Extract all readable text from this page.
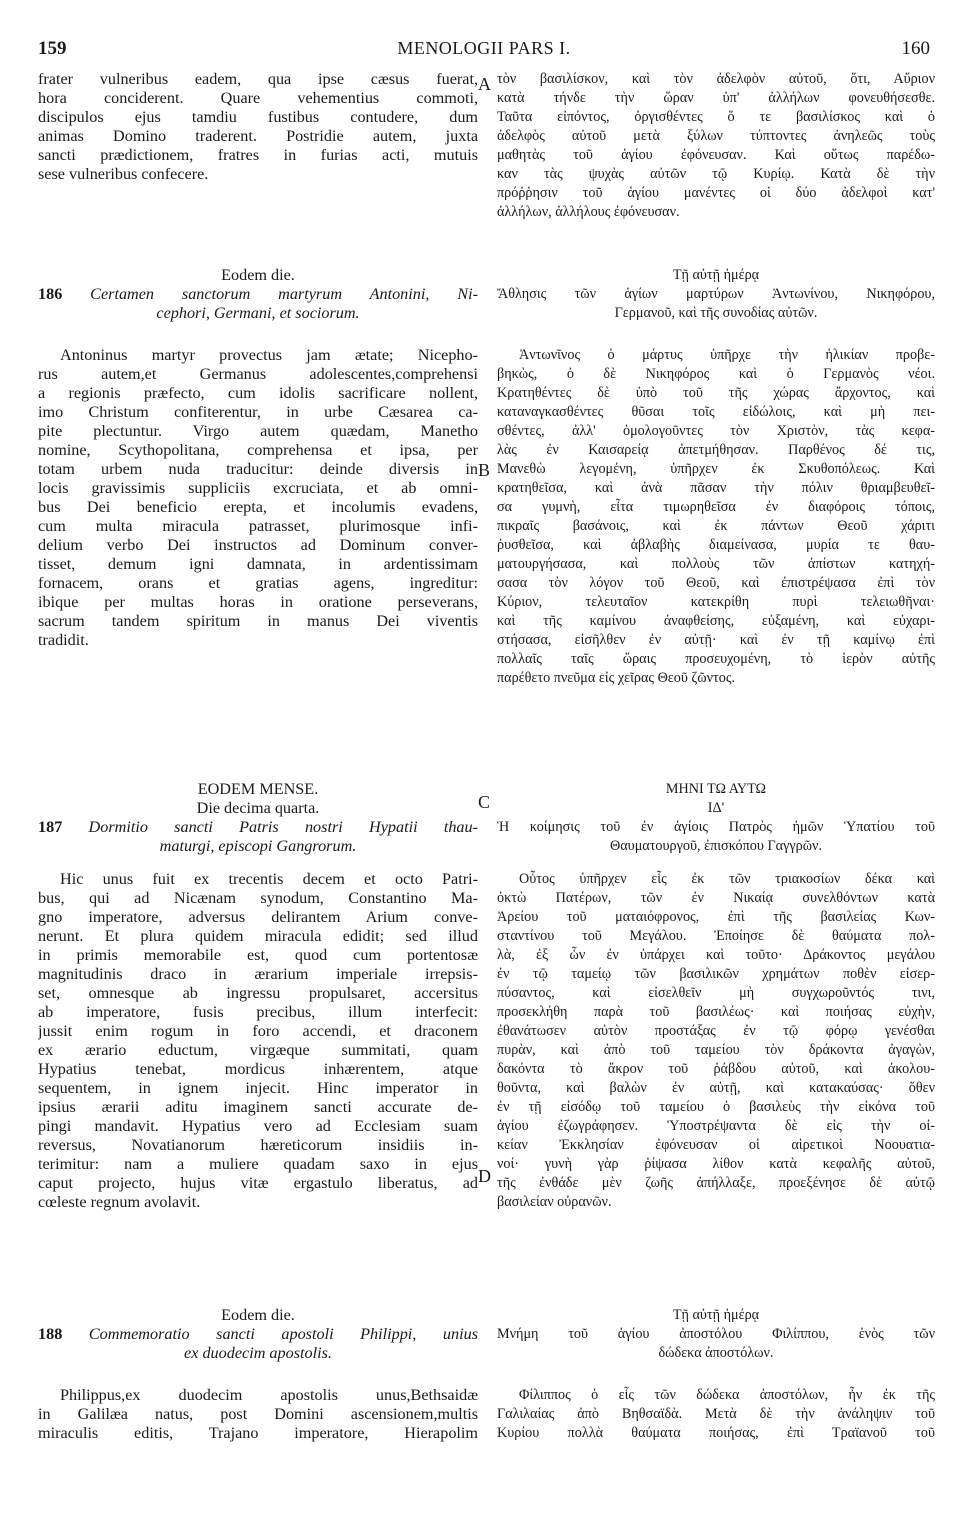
159	MENOLOGII PARS I.	160
A
B
C
D
frater vulneribus eadem, qua ipse cæsus fuerat,
hora conciderent. Quare vehementius commoti,
discipulos ejus tamdiu fustibus contudere, dum
animas Domino traderent. Postridie autem, juxta
sancti prædictionem, fratres in furias acti, mutuis
sese vulneribus confecere.
Eodem die.
186 Certamen sanctorum martyrum Antonini, Ni-
cephori, Germani, et sociorum.
Antoninus martyr provectus jam ætate; Nicepho-
rus autem,et Germanus adolescentes,comprehensi
a regionis præfecto, cum idolis sacrificare nollent,
imo Christum confiterentur, in urbe Cæsarea ca-
pite plectuntur. Virgo autem quædam, Manetho
nomine, Scythopolitana, comprehensa et ipsa, per
totam urbem nuda traducitur: deinde diversis in
locis gravissimis suppliciis excruciata, et ab omni-
bus Dei beneficio erepta, et incolumis evadens,
cum multa miracula patrasset, plurimosque infi-
delium verbo Dei instructos ad Dominum conver-
tisset, demum igni damnata, in ardentissimam
fornacem, orans et gratias agens, ingreditur:
ibique per multas horas in oratione perseverans,
sacrum tandem spiritum in manus Dei viventis
tradidit.
EODEM MENSE.
Die decima quarta.
187 Dormitio sancti Patris nostri Hypatii thau-
maturgi, episcopi Gangrorum.
Hic unus fuit ex trecentis decem et octo Patri-
bus, qui ad Nicænam synodum, Constantino Ma-
gno imperatore, adversus delirantem Arium conve-
nerunt. Et plura quidem miracula edidit; sed illud
in primis memorabile est, quod cum portentosæ
magnitudinis draco in ærarium imperiale irrepsis-
set, omnesque ab ingressu propulsaret, accersitus
ab imperatore, fusis precibus, illum interfecit:
jussit enim rogum in foro accendi, et draconem
ex ærario eductum, virgæque summitati, quam
Hypatius tenebat, mordicus inhærentem, atque
sequentem, in ignem injecit. Hinc imperator in
ipsius ærarii aditu imaginem sancti accurate de-
pingi mandavit. Hypatius vero ad Ecclesiam suam
reversus, Novatianorum hæreticorum insidiis in-
terimitur: nam a muliere quadam saxo in ejus
caput projecto, hujus vitæ ergastulo liberatus, ad
cœleste regnum avolavit.
Eodem die.
188 Commemoratio sancti apostoli Philippi, unius
ex duodecim apostolis.
Philippus,ex duodecim apostolis unus,Bethsaidæ
in Galilæa natus, post Domini ascensionem,multis
miraculis editis, Trajano imperatore, Hierapolim
τὸν βασιλίσκον, καὶ τὸν ἀδελφὸν αὐτοῦ, ὅτι, Αὔριον
κατὰ τήνδε τὴν ὥραν ὑπ' ἀλλήλων φονευθήσεσθε.
Ταῦτα εἰπόντος, ὀργισθέντες ὅ τε βασιλίσκος καὶ ὁ
ἀδελφὸς αὐτοῦ μετὰ ξύλων τύπτοντες ἀνηλεῶς τοὺς
μαθητὰς τοῦ ἁγίου ἐφόνευσαν. Καὶ οὕτως παρέδω-
καν τὰς ψυχὰς αὐτῶν τῷ Κυρίῳ. Κατὰ δὲ τὴν
πρόῤῥησιν τοῦ ἁγίου μανέντες οἱ δύο ἀδελφοὶ κατ'
ἀλλήλων, ἀλλήλους ἐφόνευσαν.
Τῇ αὐτῇ ἡμέρᾳ
Ἄθλησις τῶν ἁγίων μαρτύρων Ἀντωνίνου, Νικηφόρου,
Γερμανοῦ, καὶ τῆς συνοδίας αὐτῶν.
Ἀντωνῖνος ὁ μάρτυς ὑπῆρχε τὴν ἡλικίαν προβε-
βηκὼς, ὁ δὲ Νικηφόρος καὶ ὁ Γερμανὸς νέοι.
Κρατηθέντες δὲ ὑπὸ τοῦ τῆς χώρας ἄρχοντος, καὶ
καταναγκασθέντες θῦσαι τοῖς εἰδώλοις, καὶ μὴ πει-
σθέντες, ἀλλ' ὁμολογοῦντες τὸν Χριστὸν, τὰς κεφα-
λὰς ἐν Καισαρείᾳ ἀπετμήθησαν. Παρθένος δέ τις,
Μανεθὼ λεγομένη, ὑπῆρχεν ἐκ Σκυθοπόλεως. Καὶ
κρατηθεῖσα, καὶ ἀνὰ πᾶσαν τὴν πόλιν θριαμβευθεῖ-
σα γυμνὴ, εἶτα τιμωρηθεῖσα ἐν διαφόροις τόποις,
πικραῖς βασάνοις, καὶ ἐκ πάντων Θεοῦ χάριτι
ῥυσθεῖσα, καὶ ἀβλαβὴς διαμείνασα, μυρία τε θαυ-
ματουργήσασα, καὶ πολλοὺς τῶν ἀπίστων κατηχή-
σασα τὸν λόγον τοῦ Θεοῦ, καὶ ἐπιστρέψασα ἐπὶ τὸν
Κύριον, τελευταῖον κατεκρίθη πυρὶ τελειωθῆναι·
καὶ τῆς καμίνου ἀναφθείσης, εὐξαμένη, καὶ εὐχαρι-
στήσασα, εἰσῆλθεν ἐν αὐτῇ· καὶ ἐν τῇ καμίνῳ ἐπὶ
πολλαῖς ταῖς ὥραις προσευχομένη, τὸ ἱερὸν αὐτῆς
παρέθετο πνεῦμα εἰς χεῖρας Θεοῦ ζῶντος.
ΜΗΝΙ ΤΩ ΑΥΤΩ
ΙΔ'
Ἡ κοίμησις τοῦ ἐν ἁγίοις Πατρὸς ἡμῶν Ὑπατίου τοῦ
Θαυματουργοῦ, ἐπισκόπου Γαγγρῶν.
Οὗτος ὑπῆρχεν εἷς ἐκ τῶν τριακοσίων δέκα καὶ
ὀκτὼ Πατέρων, τῶν ἐν Νικαίᾳ συνελθόντων κατὰ
Ἀρείου τοῦ ματαιόφρονος, ἐπὶ τῆς βασιλείας Κων-
σταντίνου τοῦ Μεγάλου. Ἐποίησε δὲ θαύματα πολ-
λὰ, ἐξ ὧν ἐν ὑπάρχει καὶ τοῦτο· Δράκοντος μεγάλου
ἐν τῷ ταμείῳ τῶν βασιλικῶν χρημάτων ποθὲν εἰσερ-
πύσαντος, καὶ εἰσελθεῖν μὴ συγχωροῦντός τινι,
προσεκλήθη παρὰ τοῦ βασιλέως· καὶ ποιήσας εὐχὴν,
ἐθανάτωσεν αὐτὸν προστάξας ἐν τῷ φόρῳ γενέσθαι
πυρὰν, καὶ ἀπὸ τοῦ ταμείου τὸν δράκοντα ἀγαγὼν,
δακόντα τὸ ἄκρον τοῦ ῥάβδου αὐτοῦ, καὶ ἀκολου-
θοῦντα, καὶ βαλὼν ἐν αὐτῇ, καὶ κατακαύσας· ὅθεν
ἐν τῇ εἰσόδῳ τοῦ ταμείου ὁ βασιλεὺς τὴν εἰκόνα τοῦ
ἁγίου ἐζωγράφησεν. Ὑποστρέψαντα δὲ εἰς τὴν οἰ-
κείαν Ἐκκλησίαν ἐφόνευσαν οἱ αἱρετικοὶ Νοουατια-
νοί· γυνὴ γὰρ ῥίψασα λίθον κατὰ κεφαλῆς αὐτοῦ,
τῆς ἐνθάδε μὲν ζωῆς ἀπήλλαξε, προεξένησε δὲ αὐτῷ
βασιλείαν οὐρανῶν.
Τῇ αὐτῇ ἡμέρᾳ
Μνήμη τοῦ ἁγίου ἀποστόλου Φιλίππου, ἑνὸς τῶν
δώδεκα ἀποστόλων.
Φίλιππος ὁ εἷς τῶν δώδεκα ἀποστόλων, ἦν ἐκ τῆς
Γαλιλαίας ἀπὸ Βηθσαϊδὰ. Μετὰ δὲ τὴν ἀνάληψιν τοῦ
Κυρίου πολλὰ θαύματα ποιήσας, ἐπὶ Τραϊανοῦ τοῦ
